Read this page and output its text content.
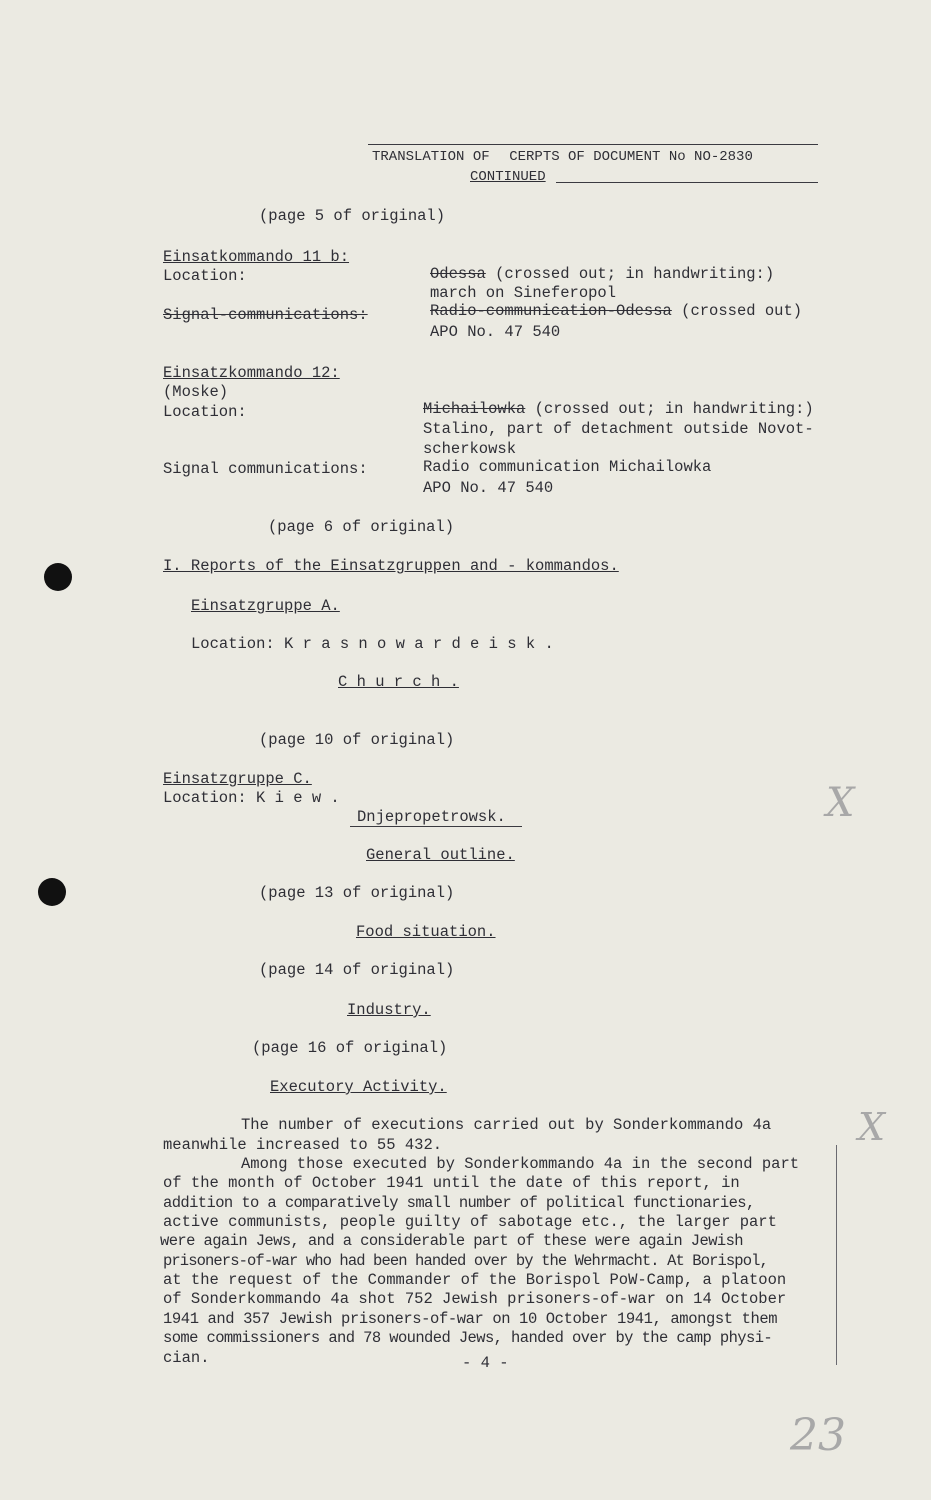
TRANSLATION OF   CERPTS OF DOCUMENT No NO-2830
CONTINUED
(page 5 of original)
Einsatkommando 11 b:
Location:	Odessa (crossed out; in handwriting:)
march on Sineferopol
Signal-communications:	Radio-communication-Odessa (crossed out)
APO No. 47 540
Einsatzkommando 12:
(Moske)
Location:	Michailowka (crossed out; in handwriting:)
Stalino, part of detachment outside Novot-
scherkowsk
Signal communications:	Radio communication Michailowka
APO No. 47 540
(page 6 of original)
I. Reports of the Einsatzgruppen and - kommandos.
Einsatzgruppe A.
Location: K r a s n o w a r d e i s k .
C h u r c h .
(page 10 of original)
Einsatzgruppe C.
Location: K i e w .
Dnjepropetrowsk.
General outline.
(page 13 of original)
Food situation.
(page 14 of original)
Industry.
(page 16 of original)
Executory Activity.
The number of executions carried out by Sonderkommando 4a
meanwhile increased to 55 432.
Among those executed by Sonderkommando 4a in the second part
of the month of October 1941 until the date of this report, in
addition to a comparatively small number of political functionaries,
active communists, people guilty of sabotage etc., the larger part
were again Jews, and a considerable part of these were again Jewish
prisoners-of-war who had been handed over by the Wehrmacht. At Borispol,
at the request of the Commander of the Borispol PoW-Camp, a platoon
of Sonderkommando 4a shot 752 Jewish prisoners-of-war on 14 October
1941 and 357 Jewish prisoners-of-war on 10 October 1941, amongst them
some commissioners and 78 wounded Jews, handed over by the camp physi-
cian.	- 4 -
X
X
23
